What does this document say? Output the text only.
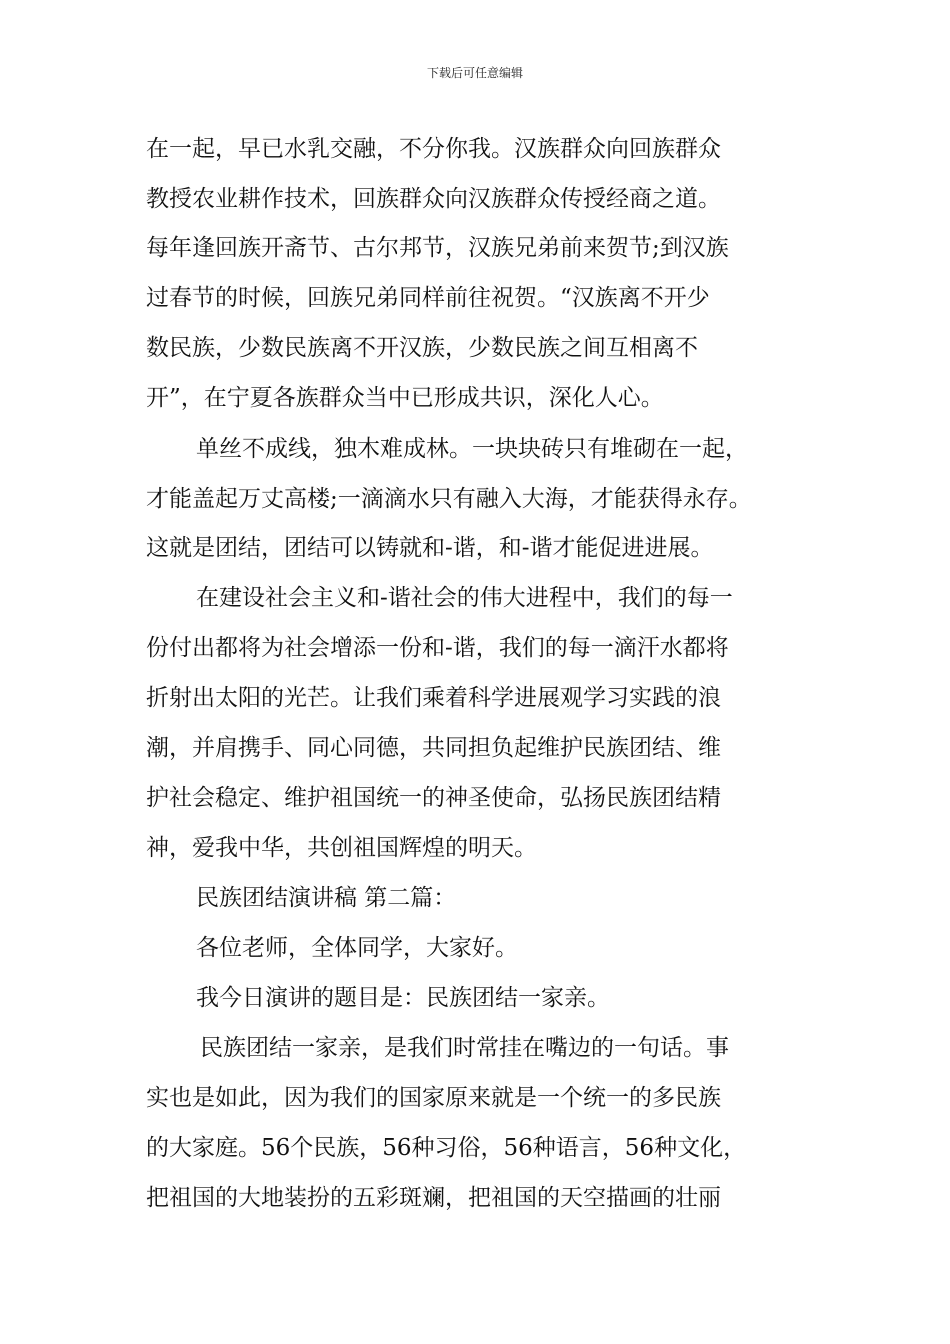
下载后可任意编辑
在一起，早已水乳交融，不分你我。汉族群众向回族群众
教授农业耕作技术，回族群众向汉族群众传授经商之道。
每年逢回族开斋节、古尔邦节，汉族兄弟前来贺节;到汉族
过春节的时候，回族兄弟同样前往祝贺。“汉族离不开少
数民族，少数民族离不开汉族，少数民族之间互相离不
开”，在宁夏各族群众当中已形成共识，深化人心。
单丝不成线，独木难成林。一块块砖只有堆砌在一起，
才能盖起万丈高楼;一滴滴水只有融入大海，才能获得永存。
这就是团结，团结可以铸就和-谐，和-谐才能促进进展。
在建设社会主义和-谐社会的伟大进程中，我们的每一
份付出都将为社会增添一份和-谐，我们的每一滴汗水都将
折射出太阳的光芒。让我们乘着科学进展观学习实践的浪
潮，并肩携手、同心同德，共同担负起维护民族团结、维
护社会稳定、维护祖国统一的神圣使命，弘扬民族团结精
神，爱我中华，共创祖国辉煌的明天。
民族团结演讲稿 第二篇：
各位老师，全体同学，大家好。
我今日演讲的题目是：民族团结一家亲。
民族团结一家亲，是我们时常挂在嘴边的一句话。事
实也是如此，因为我们的国家原来就是一个统一的多民族
的大家庭。56个民族，56种习俗，56种语言，56种文化，
把祖国的大地装扮的五彩斑斓，把祖国的天空描画的壮丽
